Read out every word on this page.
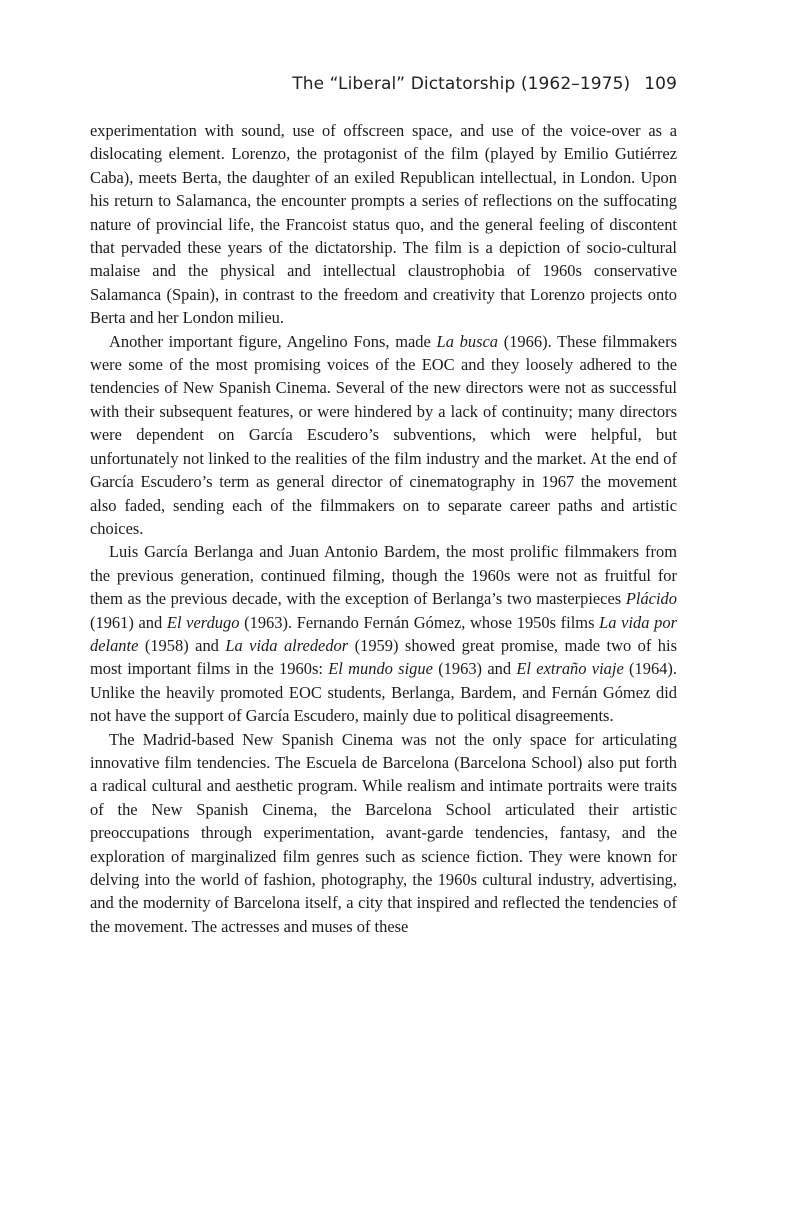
The “Liberal” Dictatorship (1962–1975) 109

experimentation with sound, use of offscreen space, and use of the voice-over as a dislocating element. Lorenzo, the protagonist of the film (played by Emilio Gutiérrez Caba), meets Berta, the daughter of an exiled Republican intellectual, in London. Upon his return to Salamanca, the encounter prompts a series of reflections on the suffocating nature of provincial life, the Francoist status quo, and the general feeling of discontent that pervaded these years of the dictatorship. The film is a depiction of socio-cultural malaise and the physical and intellectual claustrophobia of 1960s conservative Salamanca (Spain), in contrast to the freedom and creativity that Lorenzo projects onto Berta and her London milieu.

Another important figure, Angelino Fons, made La busca (1966). These filmmakers were some of the most promising voices of the EOC and they loosely adhered to the tendencies of New Spanish Cinema. Several of the new directors were not as successful with their subsequent features, or were hindered by a lack of continuity; many directors were dependent on García Escudero’s subventions, which were helpful, but unfortunately not linked to the realities of the film industry and the market. At the end of García Escudero’s term as general director of cinematography in 1967 the movement also faded, sending each of the filmmakers on to separate career paths and artistic choices.

Luis García Berlanga and Juan Antonio Bardem, the most prolific filmmakers from the previous generation, continued filming, though the 1960s were not as fruitful for them as the previous decade, with the exception of Berlanga’s two masterpieces Plácido (1961) and El verdugo (1963). Fernando Fernán Gómez, whose 1950s films La vida por delante (1958) and La vida alrededor (1959) showed great promise, made two of his most important films in the 1960s: El mundo sigue (1963) and El extraño viaje (1964). Unlike the heavily promoted EOC students, Berlanga, Bardem, and Fernán Gómez did not have the support of García Escudero, mainly due to political disagreements.

The Madrid-based New Spanish Cinema was not the only space for articulating innovative film tendencies. The Escuela de Barcelona (Barcelona School) also put forth a radical cultural and aesthetic program. While realism and intimate portraits were traits of the New Spanish Cinema, the Barcelona School articulated their artistic preoccupations through experimentation, avant-garde tendencies, fantasy, and the exploration of marginalized film genres such as science fiction. They were known for delving into the world of fashion, photography, the 1960s cultural industry, advertising, and the modernity of Barcelona itself, a city that inspired and reflected the tendencies of the movement. The actresses and muses of these
